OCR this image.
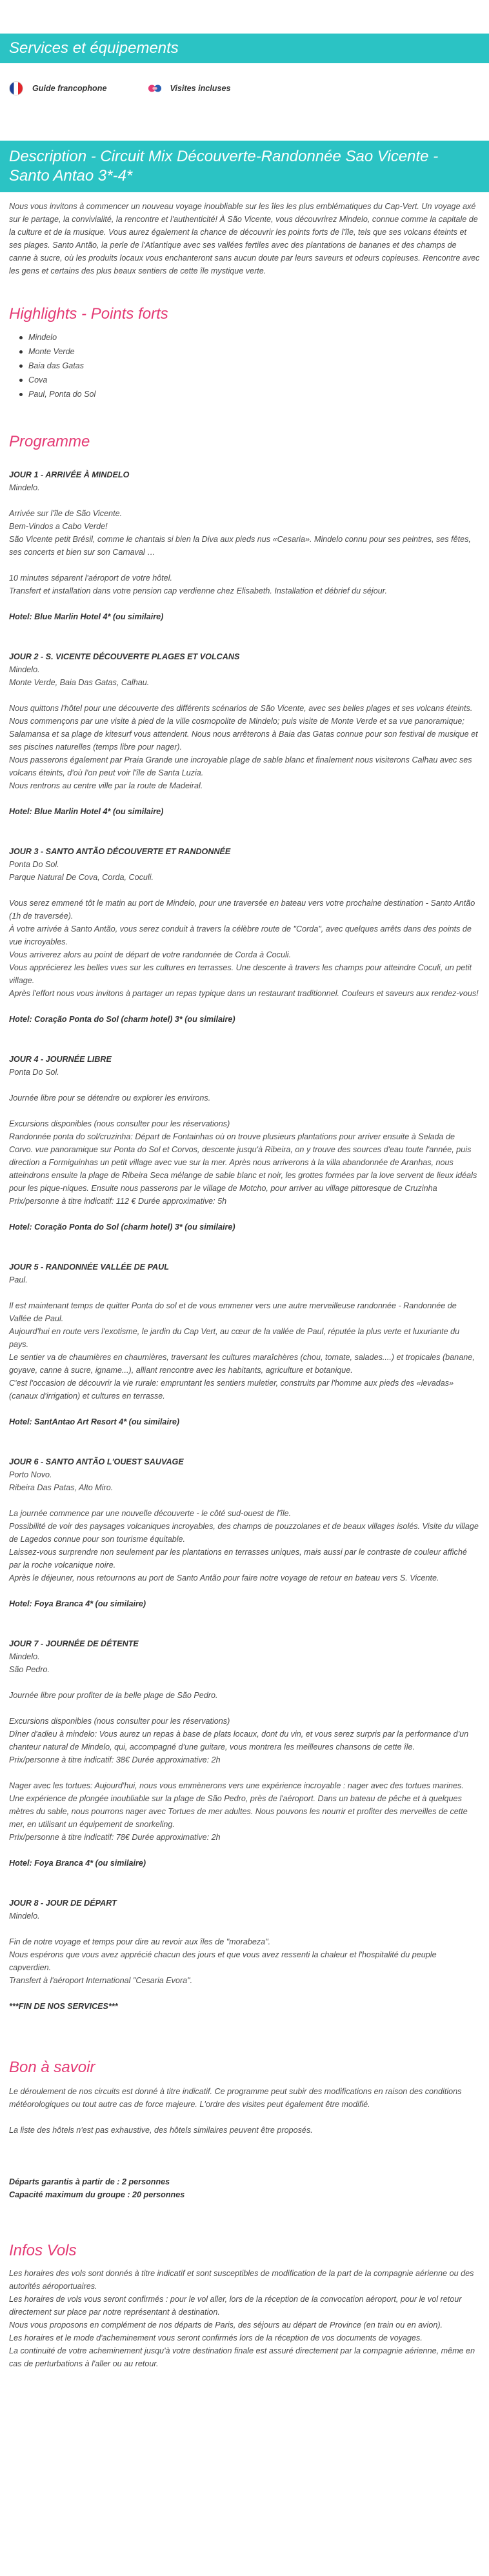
Services et équipements
Guide francophone	Visites incluses
Description - Circuit Mix Découverte-Randonnée Sao Vicente - Santo Antao 3*-4*
Nous vous invitons à commencer un nouveau voyage inoubliable sur les îles les plus emblématiques du Cap-Vert. Un voyage axé sur le partage, la convivialité, la rencontre et l'authenticité! À São Vicente, vous découvrirez Mindelo, connue comme la capitale de la culture et de la musique. Vous aurez également la chance de découvrir les points forts de l'île, tels que ses volcans éteints et ses plages. Santo Antão, la perle de l'Atlantique avec ses vallées fertiles avec des plantations de bananes et des champs de canne à sucre, où les produits locaux vous enchanteront sans aucun doute par leurs saveurs et odeurs copieuses. Rencontre avec les gens et certains des plus beaux sentiers de cette île mystique verte.
Highlights - Points forts
Mindelo
Monte Verde
Baia das Gatas
Cova
Paul, Ponta do Sol
Programme
JOUR 1 - ARRIVÉE À MINDELO
Mindelo.
Arrivée sur l'île de São Vicente.
Bem-Vindos a Cabo Verde!
São Vicente petit Brésil, comme le chantais si bien la Diva aux pieds nus «Cesaria». Mindelo connu pour ses peintres, ses fêtes, ses concerts et bien sur son Carnaval …
10 minutes séparent l'aéroport de votre hôtel.
Transfert et installation dans votre pension cap verdienne chez Elisabeth. Installation et débrief du séjour.
Hotel: Blue Marlin Hotel 4* (ou similaire)
JOUR 2 - S. VICENTE DÉCOUVERTE PLAGES ET VOLCANS
Mindelo.
Monte Verde, Baia Das Gatas, Calhau.
Nous quittons l'hôtel pour une découverte des différents scénarios de São Vicente, avec ses belles plages et ses volcans éteints.
Nous commençons par une visite à pied de la ville cosmopolite de Mindelo; puis visite de Monte Verde et sa vue panoramique; Salamansa et sa plage de kitesurf vous attendent. Nous nous arrêterons à Baia das Gatas connue pour son festival de musique et ses piscines naturelles (temps libre pour nager).
Nous passerons également par Praia Grande une incroyable plage de sable blanc et finalement nous visiterons Calhau avec ses volcans éteints, d'où l'on peut voir l'île de Santa Luzia.
Nous rentrons au centre ville par la route de Madeiral.
Hotel: Blue Marlin Hotel 4* (ou similaire)
JOUR 3 - SANTO ANTÃO DÉCOUVERTE ET RANDONNÉE
Ponta Do Sol.
Parque Natural De Cova, Corda, Coculi.
Vous serez emmené tôt le matin au port de Mindelo, pour une traversée en bateau vers votre prochaine destination - Santo Antão (1h de traversée).
À votre arrivée à Santo Antão, vous serez conduit à travers la célèbre route de "Corda", avec quelques arrêts dans des points de vue incroyables.
Vous arriverez alors au point de départ de votre randonnée de Corda à Coculi.
Vous apprécierez les belles vues sur les cultures en terrasses. Une descente à travers les champs pour atteindre Coculi, un petit village.
Après l'effort nous vous invitons à partager un repas typique dans un restaurant traditionnel. Couleurs et saveurs aux rendez-vous!
Hotel: Coração Ponta do Sol (charm hotel) 3* (ou similaire)
JOUR 4 - JOURNÉE LIBRE
Ponta Do Sol.
Journée libre pour se détendre ou explorer les environs.
Excursions disponibles (nous consulter pour les réservations)
Randonnée ponta do sol/cruzinha: Départ de Fontainhas où on trouve plusieurs plantations pour arriver ensuite à Selada de Corvo. vue panoramique sur Ponta do Sol et Corvos, descente jusqu'à Ribeira, on y trouve des sources d'eau toute l'année, puis direction a Formiguinhas un petit village avec vue sur la mer. Après nous arriverons à la villa abandonnée de Aranhas, nous atteindrons ensuite la plage de Ribeira Seca mélange de sable blanc et noir, les grottes formées par la love servent de lieux idéals pour les pique-niques. Ensuite nous passerons par le village de Motcho, pour arriver au village pittoresque de Cruzinha
Prix/personne à titre indicatif: 112 € Durée approximative: 5h
Hotel: Coração Ponta do Sol (charm hotel) 3* (ou similaire)
JOUR 5 - RANDONNÉE VALLÉE DE PAUL
Paul.
Il est maintenant temps de quitter Ponta do sol et de vous emmener vers une autre merveilleuse randonnée - Randonnée de Vallée de Paul.
Aujourd'hui en route vers l'exotisme, le jardin du Cap Vert, au cœur de la vallée de Paul, réputée la plus verte et luxuriante du pays.
Le sentier va de chaumières en chaumières, traversant les cultures maraîchères (chou, tomate, salades....) et tropicales (banane, goyave, canne à sucre, igname...), alliant rencontre avec les habitants, agriculture et botanique.
C'est l'occasion de découvrir la vie rurale: empruntant les sentiers muletier, construits par l'homme aux pieds des «levadas» (canaux d'irrigation) et cultures en terrasse.
Hotel: SantAntao Art Resort 4* (ou similaire)
JOUR 6 - SANTO ANTÃO L'OUEST SAUVAGE
Porto Novo.
Ribeira Das Patas, Alto Miro.
La journée commence par une nouvelle découverte - le côté sud-ouest de l'île.
Possibilité de voir des paysages volcaniques incroyables, des champs de pouzzolanes et de beaux villages isolés. Visite du village de Lagedos connue pour son tourisme équitable.
Laissez-vous surprendre non seulement par les plantations en terrasses uniques, mais aussi par le contraste de couleur affiché par la roche volcanique noire.
Après le déjeuner, nous retournons au port de Santo Antão pour faire notre voyage de retour en bateau vers S. Vicente.
Hotel: Foya Branca 4* (ou similaire)
JOUR 7 - JOURNÉE DE DÉTENTE
Mindelo.
São Pedro.
Journée libre pour profiter de la belle plage de São Pedro.
Excursions disponibles (nous consulter pour les réservations)
Dîner d'adieu à mindelo: Vous aurez un repas à base de plats locaux, dont du vin, et vous serez surpris par la performance d'un chanteur natural de Mindelo, qui, accompagné d'une guitare, vous montrera les meilleures chansons de cette île.
Prix/personne à titre indicatif: 38€ Durée approximative: 2h
Nager avec les tortues: Aujourd'hui, nous vous emmènerons vers une expérience incroyable : nager avec des tortues marines. Une expérience de plongée inoubliable sur la plage de São Pedro, près de l'aéroport. Dans un bateau de pêche et à quelques mètres du sable, nous pourrons nager avec Tortues de mer adultes. Nous pouvons les nourrir et profiter des merveilles de cette mer, en utilisant un équipement de snorkeling.
Prix/personne à titre indicatif: 78€ Durée approximative: 2h
Hotel: Foya Branca 4* (ou similaire)
JOUR 8 - JOUR DE DÉPART
Mindelo.
Fin de notre voyage et temps pour dire au revoir aux îles de "morabeza".
Nous espérons que vous avez apprécié chacun des jours et que vous avez ressenti la chaleur et l'hospitalité du peuple capverdien.
Transfert à l'aéroport International "Cesaria Evora".
***FIN DE NOS SERVICES***
Bon à savoir
Le déroulement de nos circuits est donné à titre indicatif. Ce programme peut subir des modifications en raison des conditions météorologiques ou tout autre cas de force majeure. L'ordre des visites peut également être modifié.
La liste des hôtels n'est pas exhaustive, des hôtels similaires peuvent être proposés.
Départs garantis à partir de : 2 personnes
Capacité maximum du groupe : 20 personnes
Infos Vols
Les horaires des vols sont donnés à titre indicatif et sont susceptibles de modification de la part de la compagnie aérienne ou des autorités aéroportuaires.
Les horaires de vols vous seront confirmés : pour le vol aller, lors de la réception de la convocation aéroport, pour le vol retour directement sur place par notre représentant à destination.
Nous vous proposons en complément de nos départs de Paris, des séjours au départ de Province (en train ou en avion).
Les horaires et le mode d'acheminement vous seront confirmés lors de la réception de vos documents de voyages.
La continuité de votre acheminement jusqu'à votre destination finale est assuré directement par la compagnie aérienne, même en cas de perturbations à l'aller ou au retour.
